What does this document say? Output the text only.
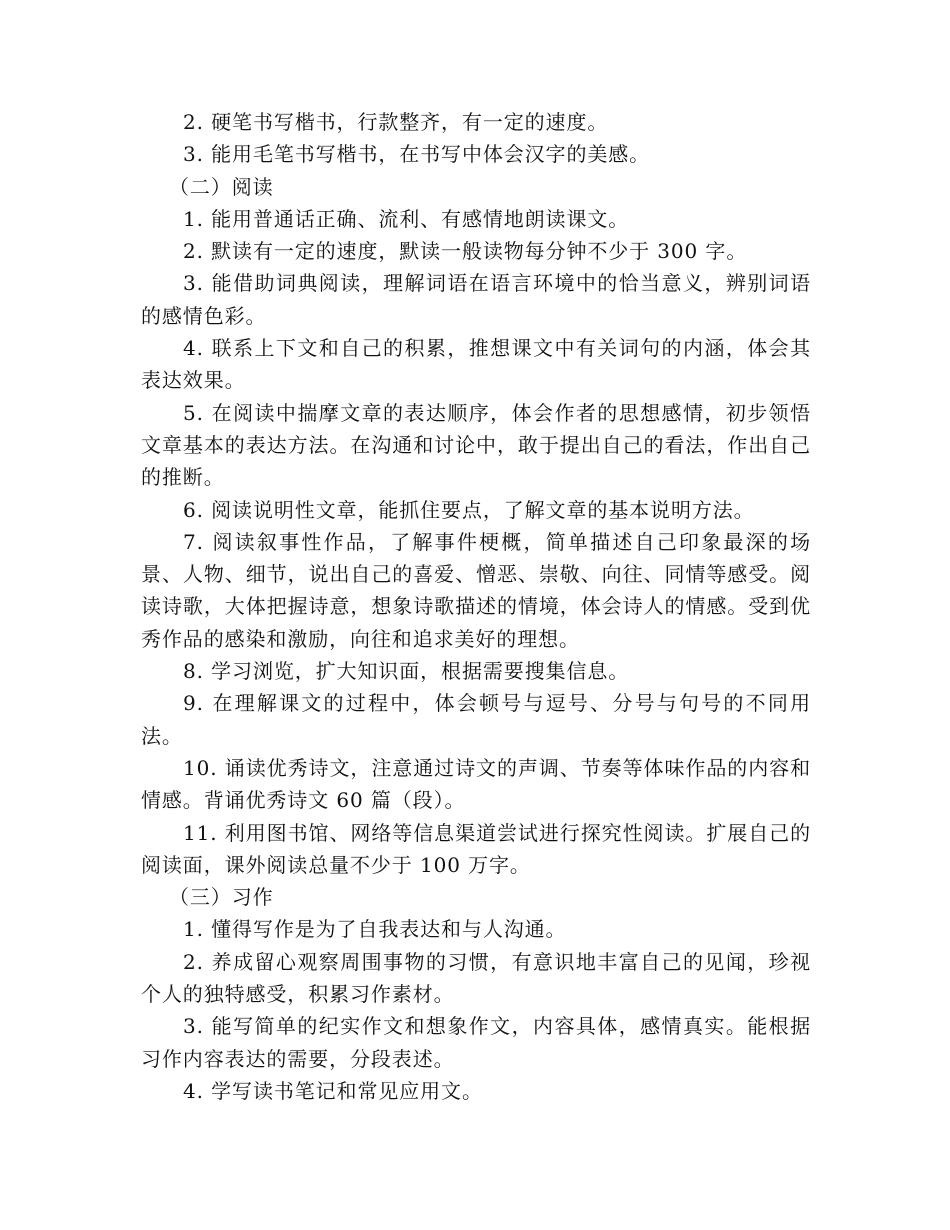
2. 硬笔书写楷书，行款整齐，有一定的速度。

3. 能用毛笔书写楷书，在书写中体会汉字的美感。

（二）阅读

1. 能用普通话正确、流利、有感情地朗读课文。

2. 默读有一定的速度，默读一般读物每分钟不少于 300 字。

3. 能借助词典阅读，理解词语在语言环境中的恰当意义，辨别词语的感情色彩。

4. 联系上下文和自己的积累，推想课文中有关词句的内涵，体会其表达效果。

5. 在阅读中揣摩文章的表达顺序，体会作者的思想感情，初步领悟文章基本的表达方法。在沟通和讨论中，敢于提出自己的看法，作出自己的推断。

6. 阅读说明性文章，能抓住要点，了解文章的基本说明方法。

7. 阅读叙事性作品，了解事件梗概，简单描述自己印象最深的场景、人物、细节，说出自己的喜爱、憎恶、崇敬、向往、同情等感受。阅读诗歌，大体把握诗意，想象诗歌描述的情境，体会诗人的情感。受到优秀作品的感染和激励，向往和追求美好的理想。

8. 学习浏览，扩大知识面，根据需要搜集信息。

9. 在理解课文的过程中，体会顿号与逗号、分号与句号的不同用法。

10. 诵读优秀诗文，注意通过诗文的声调、节奏等体味作品的内容和情感。背诵优秀诗文 60 篇（段）。

11. 利用图书馆、网络等信息渠道尝试进行探究性阅读。扩展自己的阅读面，课外阅读总量不少于 100 万字。

（三）习作

1. 懂得写作是为了自我表达和与人沟通。

2. 养成留心观察周围事物的习惯，有意识地丰富自己的见闻，珍视个人的独特感受，积累习作素材。

3. 能写简单的纪实作文和想象作文，内容具体，感情真实。能根据习作内容表达的需要，分段表述。

4. 学写读书笔记和常见应用文。
